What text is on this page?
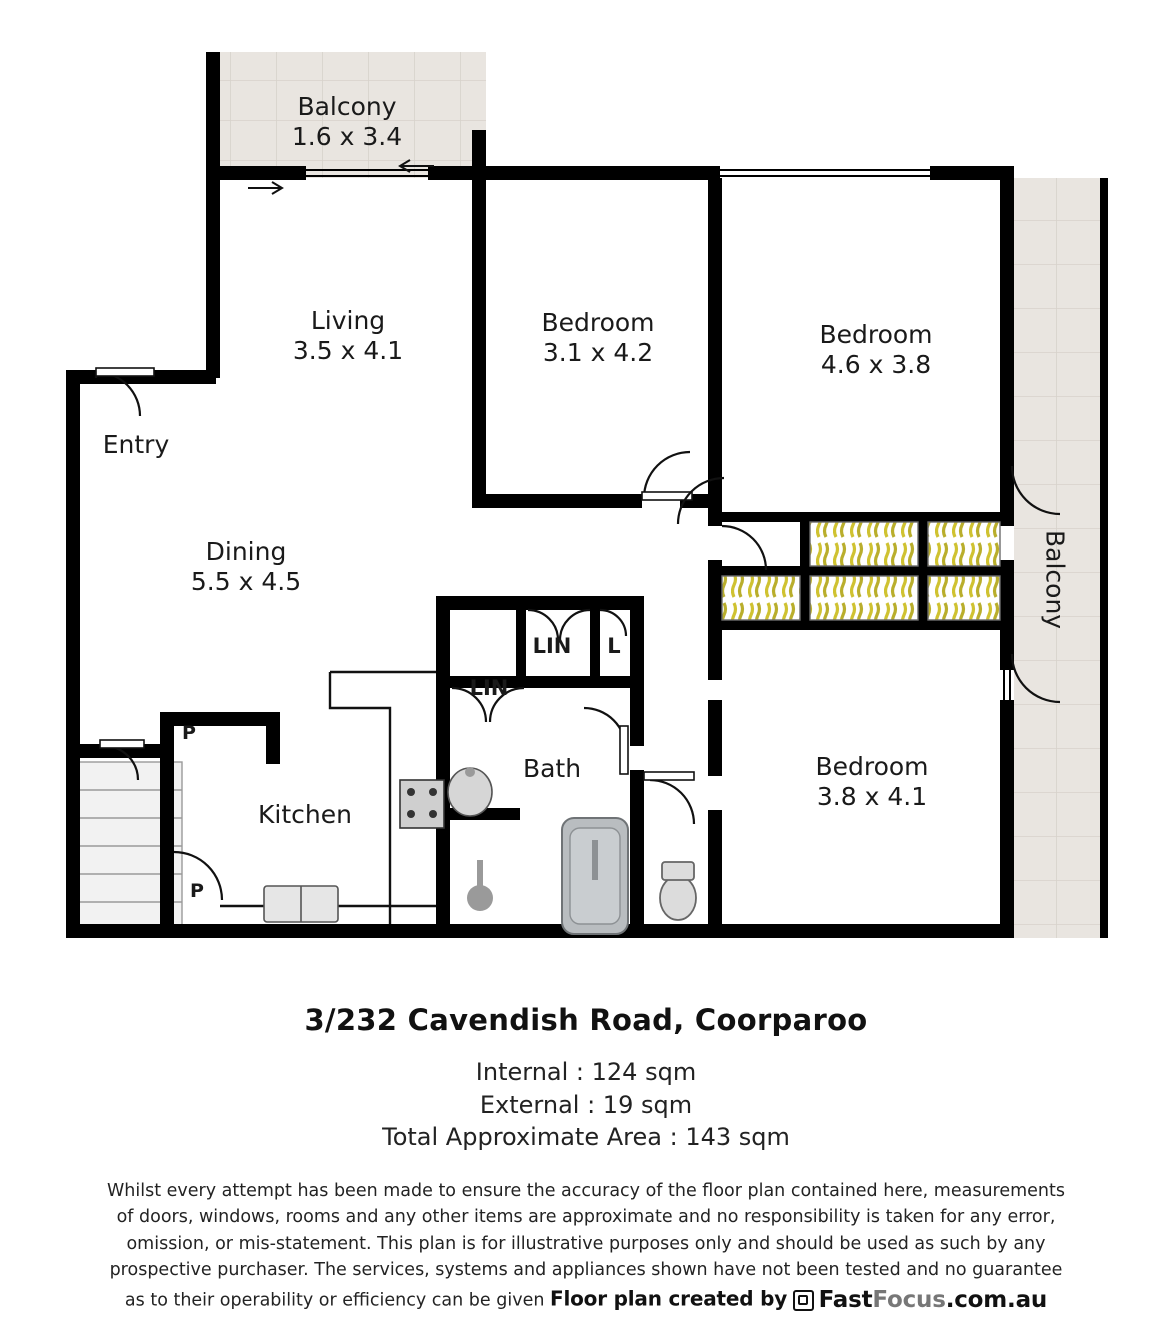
Balcony
1.6 x 3.4
Living
3.5 x 4.1
Bedroom
3.1 x 4.2
Bedroom
4.6 x 3.8
Entry
Dining
5.5 x 4.5
Kitchen
Bath	Bedroom
3.8 x 4.1
Balcony
LIN	L
LIN
P
P
3/232 Cavendish Road, Coorparoo
Internal : 124 sqm
External : 19 sqm
Total Approximate Area : 143 sqm
Whilst every attempt has been made to ensure the accuracy of the floor plan contained here, measurements
of doors, windows, rooms and any other items are approximate and no responsibility is taken for any error,
omission, or mis-statement. This plan is for illustrative purposes only and should be used as such by any
prospective purchaser. The services, systems and appliances shown have not been tested and no guarantee
as to their operability or efficiency can be given Floor plan created by FastFocus.com.au
